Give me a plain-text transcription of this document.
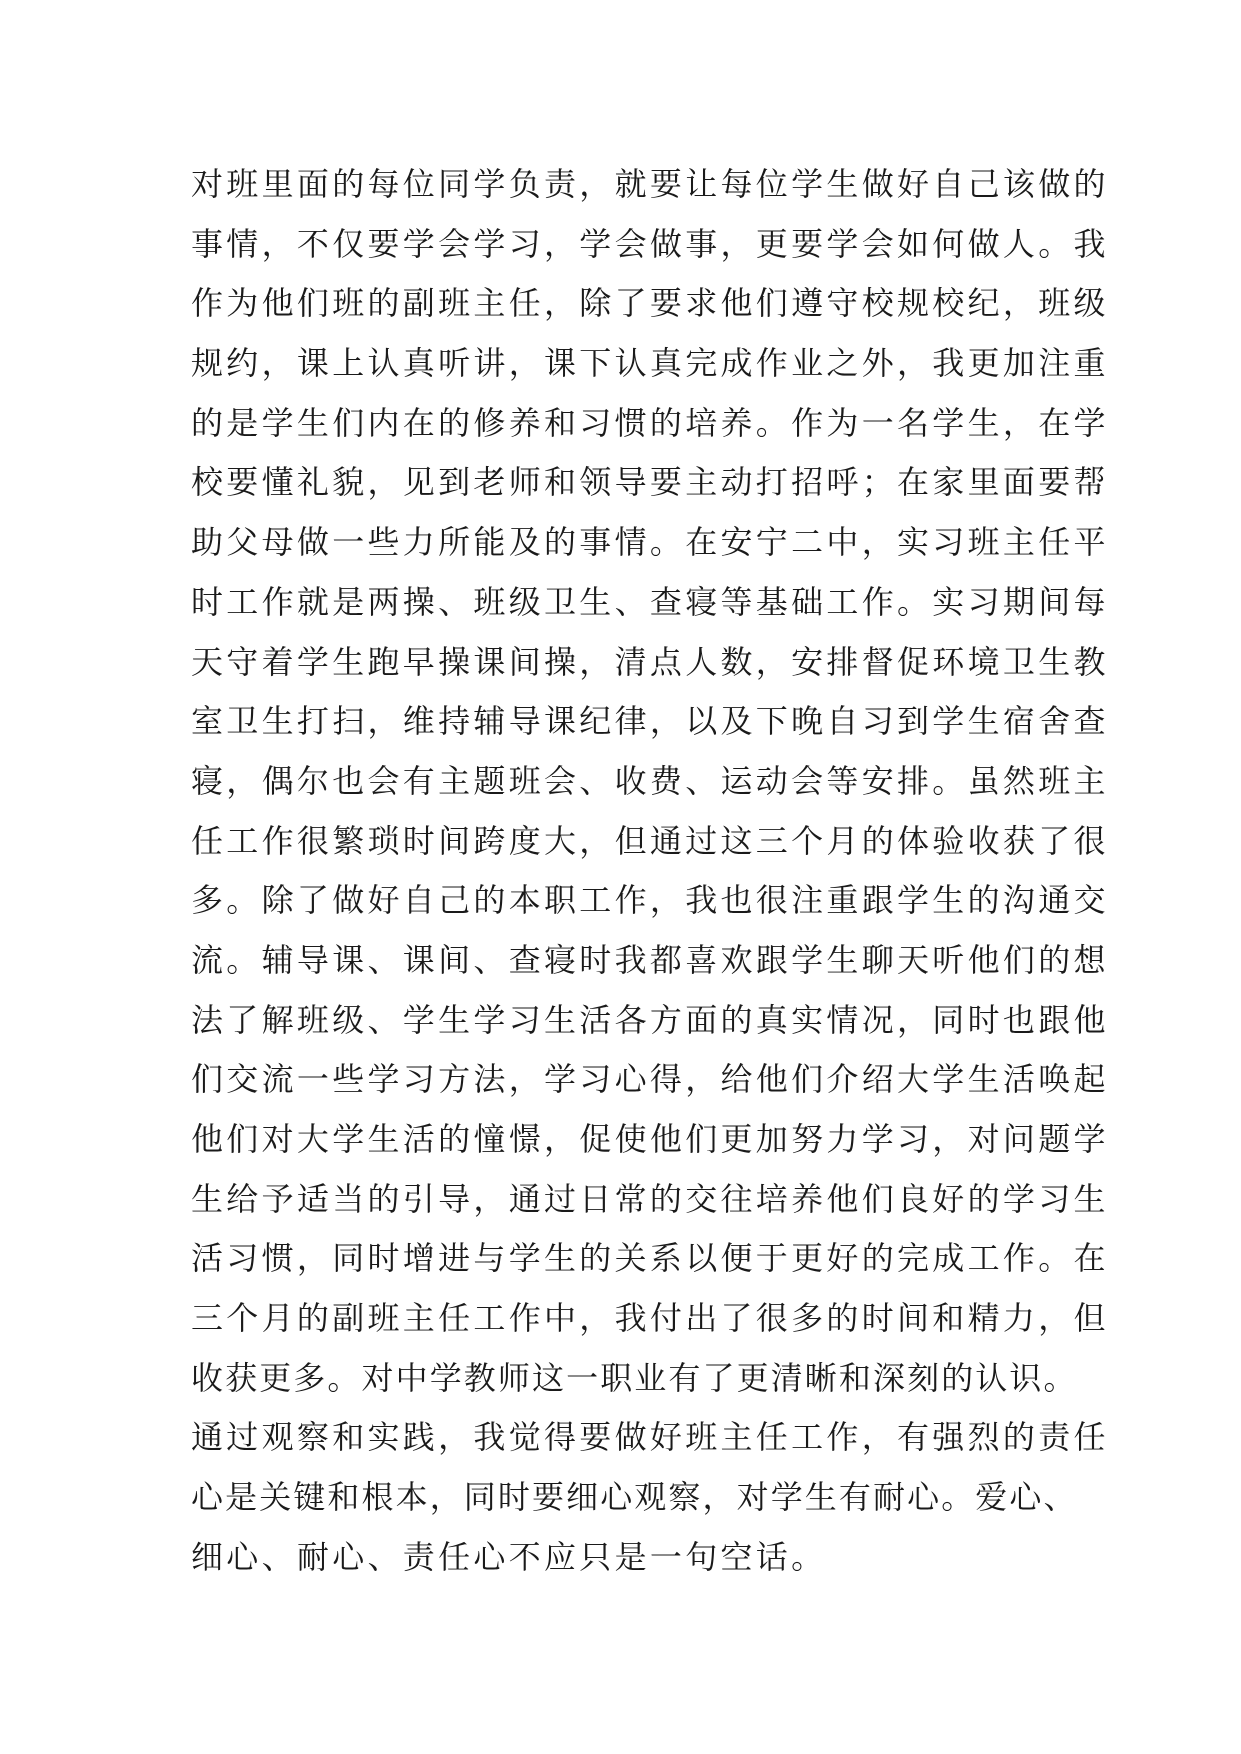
对班里面的每位同学负责，就要让每位学生做好自己该做的
事情，不仅要学会学习，学会做事，更要学会如何做人。我
作为他们班的副班主任，除了要求他们遵守校规校纪，班级
规约，课上认真听讲，课下认真完成作业之外，我更加注重
的是学生们内在的修养和习惯的培养。作为一名学生，在学
校要懂礼貌，见到老师和领导要主动打招呼；在家里面要帮
助父母做一些力所能及的事情。在安宁二中，实习班主任平
时工作就是两操、班级卫生、查寝等基础工作。实习期间每
天守着学生跑早操课间操，清点人数，安排督促环境卫生教
室卫生打扫，维持辅导课纪律，以及下晚自习到学生宿舍查
寝，偶尔也会有主题班会、收费、运动会等安排。虽然班主
任工作很繁琐时间跨度大，但通过这三个月的体验收获了很
多。除了做好自己的本职工作，我也很注重跟学生的沟通交
流。辅导课、课间、查寝时我都喜欢跟学生聊天听他们的想
法了解班级、学生学习生活各方面的真实情况，同时也跟他
们交流一些学习方法，学习心得，给他们介绍大学生活唤起
他们对大学生活的憧憬，促使他们更加努力学习，对问题学
生给予适当的引导，通过日常的交往培养他们良好的学习生
活习惯，同时增进与学生的关系以便于更好的完成工作。在
三个月的副班主任工作中，我付出了很多的时间和精力，但
收获更多。对中学教师这一职业有了更清晰和深刻的认识。
通过观察和实践，我觉得要做好班主任工作，有强烈的责任
心是关键和根本，同时要细心观察，对学生有耐心。爱心、
细心、耐心、责任心不应只是一句空话。
